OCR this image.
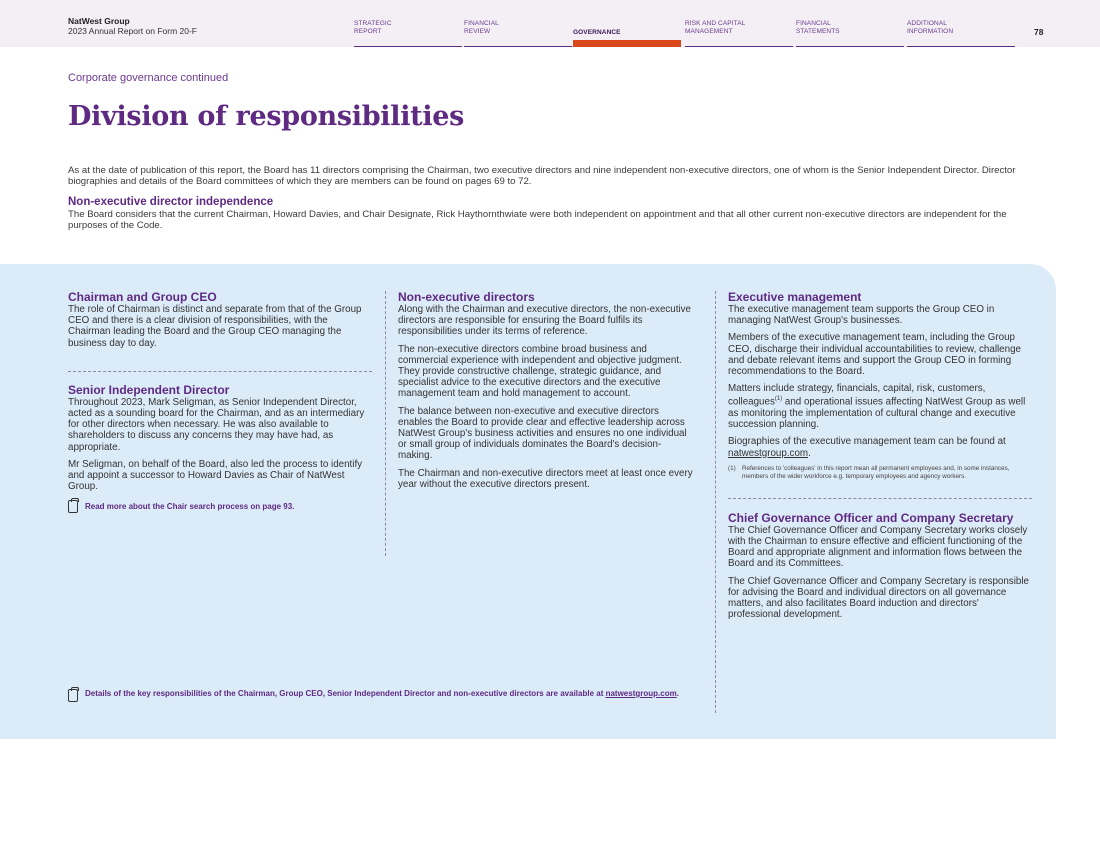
NatWest Group
2023 Annual Report on Form 20-F
STRATEGIC
REPORT
FINANCIAL
REVIEW	GOVERNANCE
RISK AND CAPITAL
MANAGEMENT
FINANCIAL
STATEMENTS
ADDITIONAL
INFORMATION	78
Corporate governance continued
Division of responsibilities

As at the date of publication of this report, the Board has 11 directors comprising the Chairman, two executive directors and nine independent non-executive directors, one of whom is the Senior Independent Director. Director biographies and details of the Board committees of which they are members can be found on pages 69 to 72.

Non-executive director independence

The Board considers that the current Chairman, Howard Davies, and Chair Designate, Rick Haythornthwiate were both independent on appointment and that all other current non-executive directors are independent for the purposes of the Code.

Chairman and Group CEO

The role of Chairman is distinct and separate from that of the Group CEO and there is a clear division of responsibilities, with the Chairman leading the Board and the Group CEO managing the business day to day.

Senior Independent Director

Throughout 2023, Mark Seligman, as Senior Independent Director, acted as a sounding board for the Chairman, and as an intermediary for other directors when necessary. He was also available to shareholders to discuss any concerns they may have had, as appropriate.

Mr Seligman, on behalf of the Board, also led the process to identify and appoint a successor to Howard Davies as Chair of NatWest Group.

Read more about the Chair search process on page 93.
Non-executive directors

Along with the Chairman and executive directors, the non-executive directors are responsible for ensuring the Board fulfils its responsibilities under its terms of reference.

The non-executive directors combine broad business and commercial experience with independent and objective judgment. They provide constructive challenge, strategic guidance, and specialist advice to the executive directors and the executive management team and hold management to account.

The balance between non-executive and executive directors enables the Board to provide clear and effective leadership across NatWest Group's business activities and ensures no one individual or small group of individuals dominates the Board's decision-making.

The Chairman and non-executive directors meet at least once every year without the executive directors present.

Executive management

The executive management team supports the Group CEO in managing NatWest Group's businesses.

Members of the executive management team, including the Group CEO, discharge their individual accountabilities to review, challenge and debate relevant items and support the Group CEO in forming recommendations to the Board.

Matters include strategy, financials, capital, risk, customers, colleagues$^{(1)}$ and operational issues affecting NatWest Group as well as monitoring the implementation of cultural change and executive succession planning.

Biographies of the executive management team can be found at natwestgroup.com.

(1) References to 'colleagues' in this report mean all permanent employees and, in some instances, members of the wider workforce e.g. temporary employees and agency workers.
Chief Governance Officer and Company Secretary

The Chief Governance Officer and Company Secretary works closely with the Chairman to ensure effective and efficient functioning of the Board and appropriate alignment and information flows between the Board and its Committees.

The Chief Governance Officer and Company Secretary is responsible for advising the Board and individual directors on all governance matters, and also facilitates Board induction and directors' professional development.

Details of the key responsibilities of the Chairman, Group CEO, Senior Independent Director and non-executive directors are available at natwestgroup.com.
